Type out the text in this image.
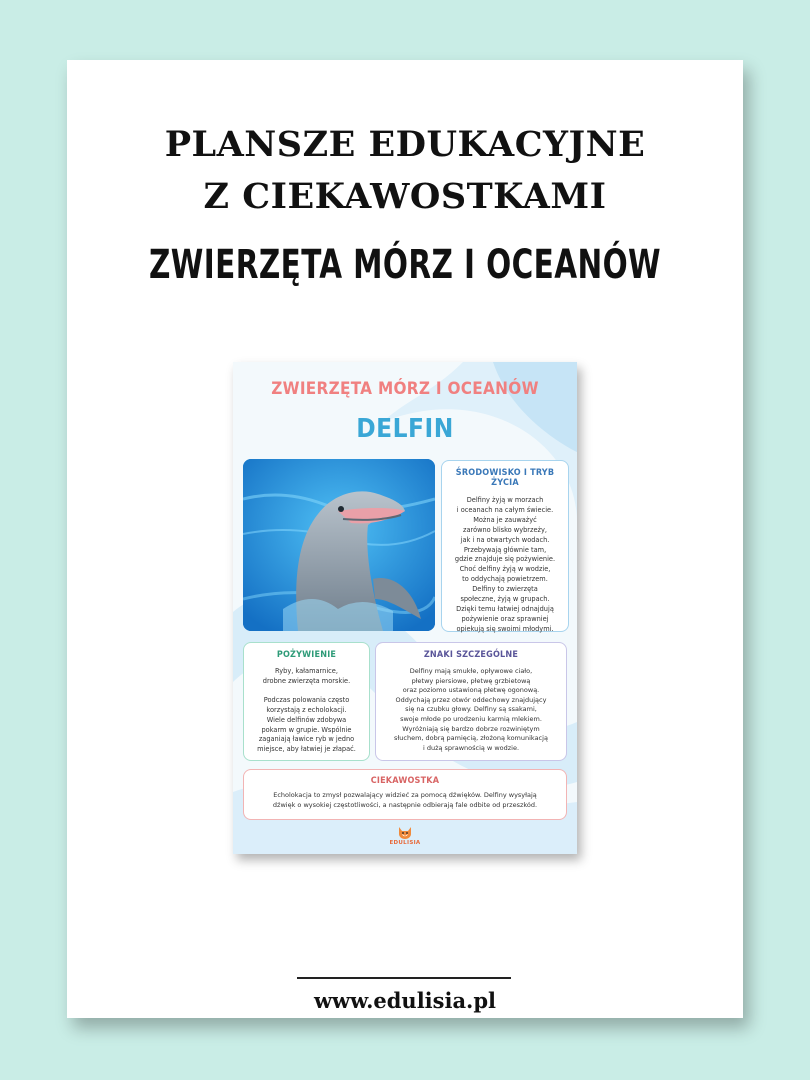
PLANSZE EDUKACYJNE
Z CIEKAWOSTKAMI
ZWIERZĘTA MÓRZ I OCEANÓW
www.edulisia.pl
ZWIERZĘTA MÓRZ I OCEANÓW
DELFIN
ŚRODOWISKO I TRYB ŻYCIA
Delfiny żyją w morzach
i oceanach na całym świecie.
Można je zauważyć
zarówno blisko wybrzeży,
jak i na otwartych wodach.
Przebywają głównie tam,
gdzie znajduje się pożywienie.
Choć delfiny żyją w wodzie,
to oddychają powietrzem.
Delfiny to zwierzęta
społeczne, żyją w grupach.
Dzięki temu łatwiej odnajdują
pożywienie oraz sprawniej
opiekują się swoimi młodymi.
POŻYWIENIE
Ryby, kałamarnice,
drobne zwierzęta morskie.
Podczas polowania często
korzystają z echolokacji.
Wiele delfinów zdobywa
pokarm w grupie. Wspólnie
zaganiają ławice ryb w jedno
miejsce, aby łatwiej je złapać.
ZNAKI SZCZEGÓLNE
Delfiny mają smukłe, opływowe ciało,
płetwy piersiowe, płetwę grzbietową
oraz poziomo ustawioną płetwę ogonową.
Oddychają przez otwór oddechowy znajdujący
się na czubku głowy. Delfiny są ssakami,
swoje młode po urodzeniu karmią mlekiem.
Wyróżniają się bardzo dobrze rozwiniętym
słuchem, dobrą pamięcią, złożoną komunikacją
i dużą sprawnością w wodzie.
CIEKAWOSTKA
Echolokacja to zmysł pozwalający widzieć za pomocą dźwięków. Delfiny wysyłają
dźwięk o wysokiej częstotliwości, a następnie odbierają fale odbite od przeszkód.
EDULISIA
